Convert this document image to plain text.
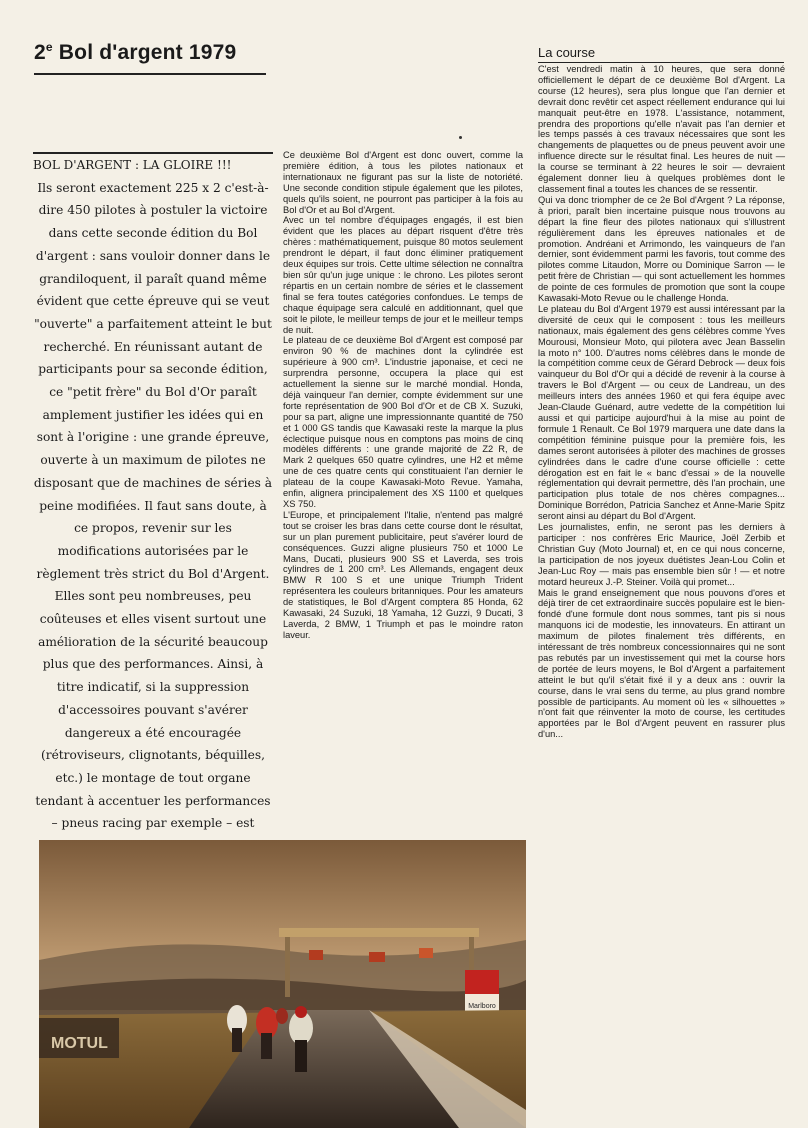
2e Bol d'argent 1979

BOL D'ARGENT : LA GLOIRE !!!
Ils seront exactement 225 x 2 c'est-à-dire 450 pilotes à postuler la victoire dans cette seconde édition du Bol d'argent : sans vouloir donner dans le grandiloquent, il paraît quand même évident que cette épreuve qui se veut "ouverte" a parfaitement atteint le but recherché. En réunissant autant de participants pour sa seconde édition, ce "petit frère" du Bol d'Or paraît amplement justifier les idées qui en sont à l'origine : une grande épreuve, ouverte à un maximum de pilotes ne disposant que de machines de séries à peine modifiées. Il faut sans doute, à ce propos, revenir sur les modifications autorisées par le règlement très strict du Bol d'Argent. Elles sont peu nombreuses, peu coûteuses et elles visent surtout une amélioration de la sécurité beaucoup plus que des performances. Ainsi, à titre indicatif, si la suppression d'accessoires pouvant s'avérer dangereux a été encouragée (rétroviseurs, clignotants, béquilles, etc.) le montage de tout organe tendant à accentuer les performances – pneus racing par exemple – est

Ce deuxième Bol d'Argent est donc ouvert, comme la première édition, à tous les pilotes nationaux et internationaux ne figurant pas sur la liste de notoriété. Une seconde condition stipule également que les pilotes, quels qu'ils soient, ne pourront pas participer à la fois au Bol d'Or et au Bol d'Argent.

Avec un tel nombre d'équipages engagés, il est bien évident que les places au départ risquent d'être très chères : mathématiquement, puisque 80 motos seulement prendront le départ, il faut donc éliminer pratiquement deux équipes sur trois. Cette ultime sélection ne connaîtra bien sûr qu'un juge unique : le chrono. Les pilotes seront répartis en un certain nombre de séries et le classement final se fera toutes catégories confondues. Le temps de chaque équipage sera calculé en additionnant, quel que soit le pilote, le meilleur temps de jour et le meilleur temps de nuit.

Le plateau de ce deuxième Bol d'Argent est composé par environ 90 % de machines dont la cylindrée est supérieure à 900 cm³. L'industrie japonaise, et ceci ne surprendra personne, occupera la place qui est actuellement la sienne sur le marché mondial. Honda, déjà vainqueur l'an dernier, compte évidemment sur une forte représentation de 900 Bol d'Or et de CB X. Suzuki, pour sa part, aligne une impressionnante quantité de 750 et 1 000 GS tandis que Kawasaki reste la marque la plus éclectique puisque nous en comptons pas moins de cinq modèles différents : une grande majorité de Z2 R, de Mark 2 quelques 650 quatre cylindres, une H2 et même une de ces quatre cents qui constituaient l'an dernier le plateau de la coupe Kawasaki-Moto Revue. Yamaha, enfin, alignera principalement des XS 1100 et quelques XS 750.

L'Europe, et principalement l'Italie, n'entend pas malgré tout se croiser les bras dans cette course dont le résultat, sur un plan purement publicitaire, peut s'avérer lourd de conséquences. Guzzi aligne plusieurs 750 et 1000 Le Mans, Ducati, plusieurs 900 SS et Laverda, ses trois cylindres de 1 200 cm³. Les Allemands, engagent deux BMW R 100 S et une unique Triumph Trident représentera les couleurs britanniques. Pour les amateurs de statistiques, le Bol d'Argent comptera 85 Honda, 62 Kawasaki, 24 Suzuki, 18 Yamaha, 12 Guzzi, 9 Ducati, 3 Laverda, 2 BMW, 1 Triumph et pas le moindre raton laveur.

La course

C'est vendredi matin à 10 heures, que sera donné officiellement le départ de ce deuxième Bol d'Argent. La course (12 heures), sera plus longue que l'an dernier et devrait donc revêtir cet aspect réellement endurance qui lui manquait peut-être en 1978. L'assistance, notamment, prendra des proportions qu'elle n'avait pas l'an dernier et les temps passés à ces travaux nécessaires que sont les changements de plaquettes ou de pneus peuvent avoir une influence directe sur le résultat final. Les heures de nuit — la course se terminant à 22 heures le soir — devraient également donner lieu à quelques problèmes dont le classement final a toutes les chances de se ressentir.

Qui va donc triompher de ce 2e Bol d'Argent ? La réponse, à priori, paraît bien incertaine puisque nous trouvons au départ la fine fleur des pilotes nationaux qui s'illustrent régulièrement dans les épreuves nationales et de promotion. Andréani et Arrimondo, les vainqueurs de l'an dernier, sont évidemment parmi les favoris, tout comme des pilotes comme Litaudon, Morre ou Dominique Sarron — le petit frère de Christian — qui sont actuellement les hommes de pointe de ces formules de promotion que sont la coupe Kawasaki-Moto Revue ou le challenge Honda.

Le plateau du Bol d'Argent 1979 est aussi intéressant par la diversité de ceux qui le composent : tous les meilleurs nationaux, mais également des gens célèbres comme Yves Mourousi, Monsieur Moto, qui pilotera avec Jean Basselin la moto n° 100. D'autres noms célèbres dans le monde de la compétition comme ceux de Gérard Debrock — deux fois vainqueur du Bol d'Or qui a décidé de revenir à la course à travers le Bol d'Argent — ou ceux de Landreau, un des meilleurs inters des années 1960 et qui fera équipe avec Jean-Claude Guénard, autre vedette de la compétition lui aussi et qui participe aujourd'hui à la mise au point de formule 1 Renault. Ce Bol 1979 marquera une date dans la compétition féminine puisque pour la première fois, les dames seront autorisées à piloter des machines de grosses cylindrées dans le cadre d'une course officielle : cette dérogation est en fait le « banc d'essai » de la nouvelle réglementation qui devrait permettre, dès l'an prochain, une participation plus totale de nos chères compagnes... Dominique Borrédon, Patricia Sanchez et Anne-Marie Spitz seront ainsi au départ du Bol d'Argent.

Les journalistes, enfin, ne seront pas les derniers à participer : nos confrères Eric Maurice, Joël Zerbib et Christian Guy (Moto Journal) et, en ce qui nous concerne, la participation de nos joyeux duétistes Jean-Lou Colin et Jean-Luc Roy — mais pas ensemble bien sûr ! — et notre motard heureux J.-P. Steiner. Voilà qui promet...

Mais le grand enseignement que nous pouvons d'ores et déjà tirer de cet extraordinaire succès populaire est le bien-fondé d'une formule dont nous sommes, tant pis si nous manquons ici de modestie, les innovateurs. En attirant un maximum de pilotes finalement très différents, en intéressant de très nombreux concessionnaires qui ne sont pas rebutés par un investissement qui met la course hors de portée de leurs moyens, le Bol d'Argent a parfaitement atteint le but qu'il s'était fixé il y a deux ans : ouvrir la course, dans le vrai sens du terme, au plus grand nombre possible de participants. Au moment où les « silhouettes » n'ont fait que réinventer la moto de course, les certitudes apportées par le Bol d'Argent peuvent en rassurer plus d'un...

Marlboro
MOTUL
